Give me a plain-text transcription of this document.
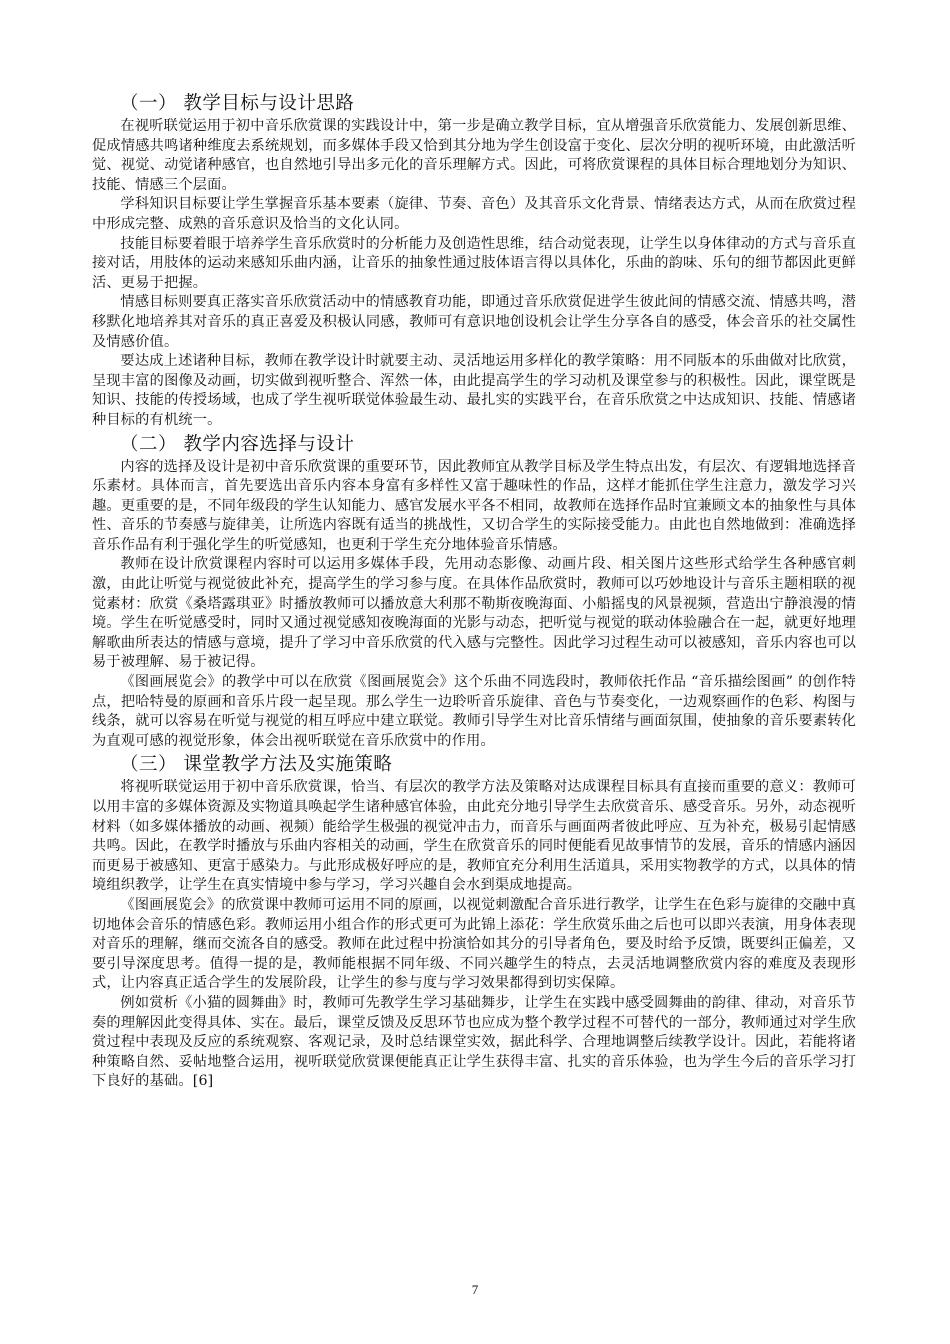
（一） 教学目标与设计思路

在视听联觉运用于初中音乐欣赏课的实践设计中，第一步是确立教学目标，宜从增强音乐欣赏能力、发展创新思维、促成情感共鸣诸种维度去系统规划，而多媒体手段又恰到其分地为学生创设富于变化、层次分明的视听环境，由此激活听觉、视觉、动觉诸种感官，也自然地引导出多元化的音乐理解方式。因此，可将欣赏课程的具体目标合理地划分为知识、技能、情感三个层面。

学科知识目标要让学生掌握音乐基本要素（旋律、节奏、音色）及其音乐文化背景、情绪表达方式，从而在欣赏过程中形成完整、成熟的音乐意识及恰当的文化认同。

技能目标要着眼于培养学生音乐欣赏时的分析能力及创造性思维，结合动觉表现，让学生以身体律动的方式与音乐直接对话，用肢体的运动来感知乐曲内涵，让音乐的抽象性通过肢体语言得以具体化，乐曲的韵味、乐句的细节都因此更鲜活、更易于把握。

情感目标则要真正落实音乐欣赏活动中的情感教育功能，即通过音乐欣赏促进学生彼此间的情感交流、情感共鸣，潜移默化地培养其对音乐的真正喜爱及积极认同感，教师可有意识地创设机会让学生分享各自的感受，体会音乐的社交属性及情感价值。

要达成上述诸种目标，教师在教学设计时就要主动、灵活地运用多样化的教学策略：用不同版本的乐曲做对比欣赏，呈现丰富的图像及动画，切实做到视听整合、浑然一体，由此提高学生的学习动机及课堂参与的积极性。因此，课堂既是知识、技能的传授场域，也成了学生视听联觉体验最生动、最扎实的实践平台，在音乐欣赏之中达成知识、技能、情感诸种目标的有机统一。

（二） 教学内容选择与设计

内容的选择及设计是初中音乐欣赏课的重要环节，因此教师宜从教学目标及学生特点出发，有层次、有逻辑地选择音乐素材。具体而言，首先要选出音乐内容本身富有多样性又富于趣味性的作品，这样才能抓住学生注意力，激发学习兴趣。更重要的是，不同年级段的学生认知能力、感官发展水平各不相同，故教师在选择作品时宜兼顾文本的抽象性与具体性、音乐的节奏感与旋律美，让所选内容既有适当的挑战性，又切合学生的实际接受能力。由此也自然地做到：准确选择音乐作品有利于强化学生的听觉感知，也更利于学生充分地体验音乐情感。

教师在设计欣赏课程内容时可以运用多媒体手段，先用动态影像、动画片段、相关图片这些形式给学生各种感官刺激，由此让听觉与视觉彼此补充，提高学生的学习参与度。在具体作品欣赏时，教师可以巧妙地设计与音乐主题相联的视觉素材：欣赏《桑塔露琪亚》时播放教师可以播放意大利那不勒斯夜晚海面、小船摇曳的风景视频，营造出宁静浪漫的情境。学生在听觉感受时，同时又通过视觉感知夜晚海面的光影与动态，把听觉与视觉的联动体验融合在一起，就更好地理解歌曲所表达的情感与意境，提升了学习中音乐欣赏的代入感与完整性。因此学习过程生动可以被感知，音乐内容也可以易于被理解、易于被记得。

《图画展览会》的教学中可以在欣赏《图画展览会》这个乐曲不同选段时，教师依托作品 “音乐描绘图画” 的创作特点，把哈特曼的原画和音乐片段一起呈现。那么学生一边聆听音乐旋律、音色与节奏变化，一边观察画作的色彩、构图与线条，就可以容易在听觉与视觉的相互呼应中建立联觉。教师引导学生对比音乐情绪与画面氛围，使抽象的音乐要素转化为直观可感的视觉形象，体会出视听联觉在音乐欣赏中的作用。

（三） 课堂教学方法及实施策略

将视听联觉运用于初中音乐欣赏课，恰当、有层次的教学方法及策略对达成课程目标具有直接而重要的意义：教师可以用丰富的多媒体资源及实物道具唤起学生诸种感官体验，由此充分地引导学生去欣赏音乐、感受音乐。另外，动态视听材料（如多媒体播放的动画、视频）能给学生极强的视觉冲击力，而音乐与画面两者彼此呼应、互为补充，极易引起情感共鸣。因此，在教学时播放与乐曲内容相关的动画，学生在欣赏音乐的同时便能看见故事情节的发展，音乐的情感内涵因而更易于被感知、更富于感染力。与此形成极好呼应的是，教师宜充分利用生活道具，采用实物教学的方式，以具体的情境组织教学，让学生在真实情境中参与学习，学习兴趣自会水到渠成地提高。

《图画展览会》的欣赏课中教师可运用不同的原画，以视觉刺激配合音乐进行教学，让学生在色彩与旋律的交融中真切地体会音乐的情感色彩。教师运用小组合作的形式更可为此锦上添花：学生欣赏乐曲之后也可以即兴表演，用身体表现对音乐的理解，继而交流各自的感受。教师在此过程中扮演恰如其分的引导者角色，要及时给予反馈，既要纠正偏差，又要引导深度思考。值得一提的是，教师能根据不同年级、不同兴趣学生的特点，去灵活地调整欣赏内容的难度及表现形式，让内容真正适合学生的发展阶段，让学生的参与度与学习效果都得到切实保障。

例如赏析《小猫的圆舞曲》时，教师可先教学生学习基础舞步，让学生在实践中感受圆舞曲的韵律、律动，对音乐节奏的理解因此变得具体、实在。最后，课堂反馈及反思环节也应成为整个教学过程不可替代的一部分，教师通过对学生欣赏过程中表现及反应的系统观察、客观记录，及时总结课堂实效，据此科学、合理地调整后续教学设计。因此，若能将诸种策略自然、妥帖地整合运用，视听联觉欣赏课便能真正让学生获得丰富、扎实的音乐体验，也为学生今后的音乐学习打下良好的基础。[6]

7
